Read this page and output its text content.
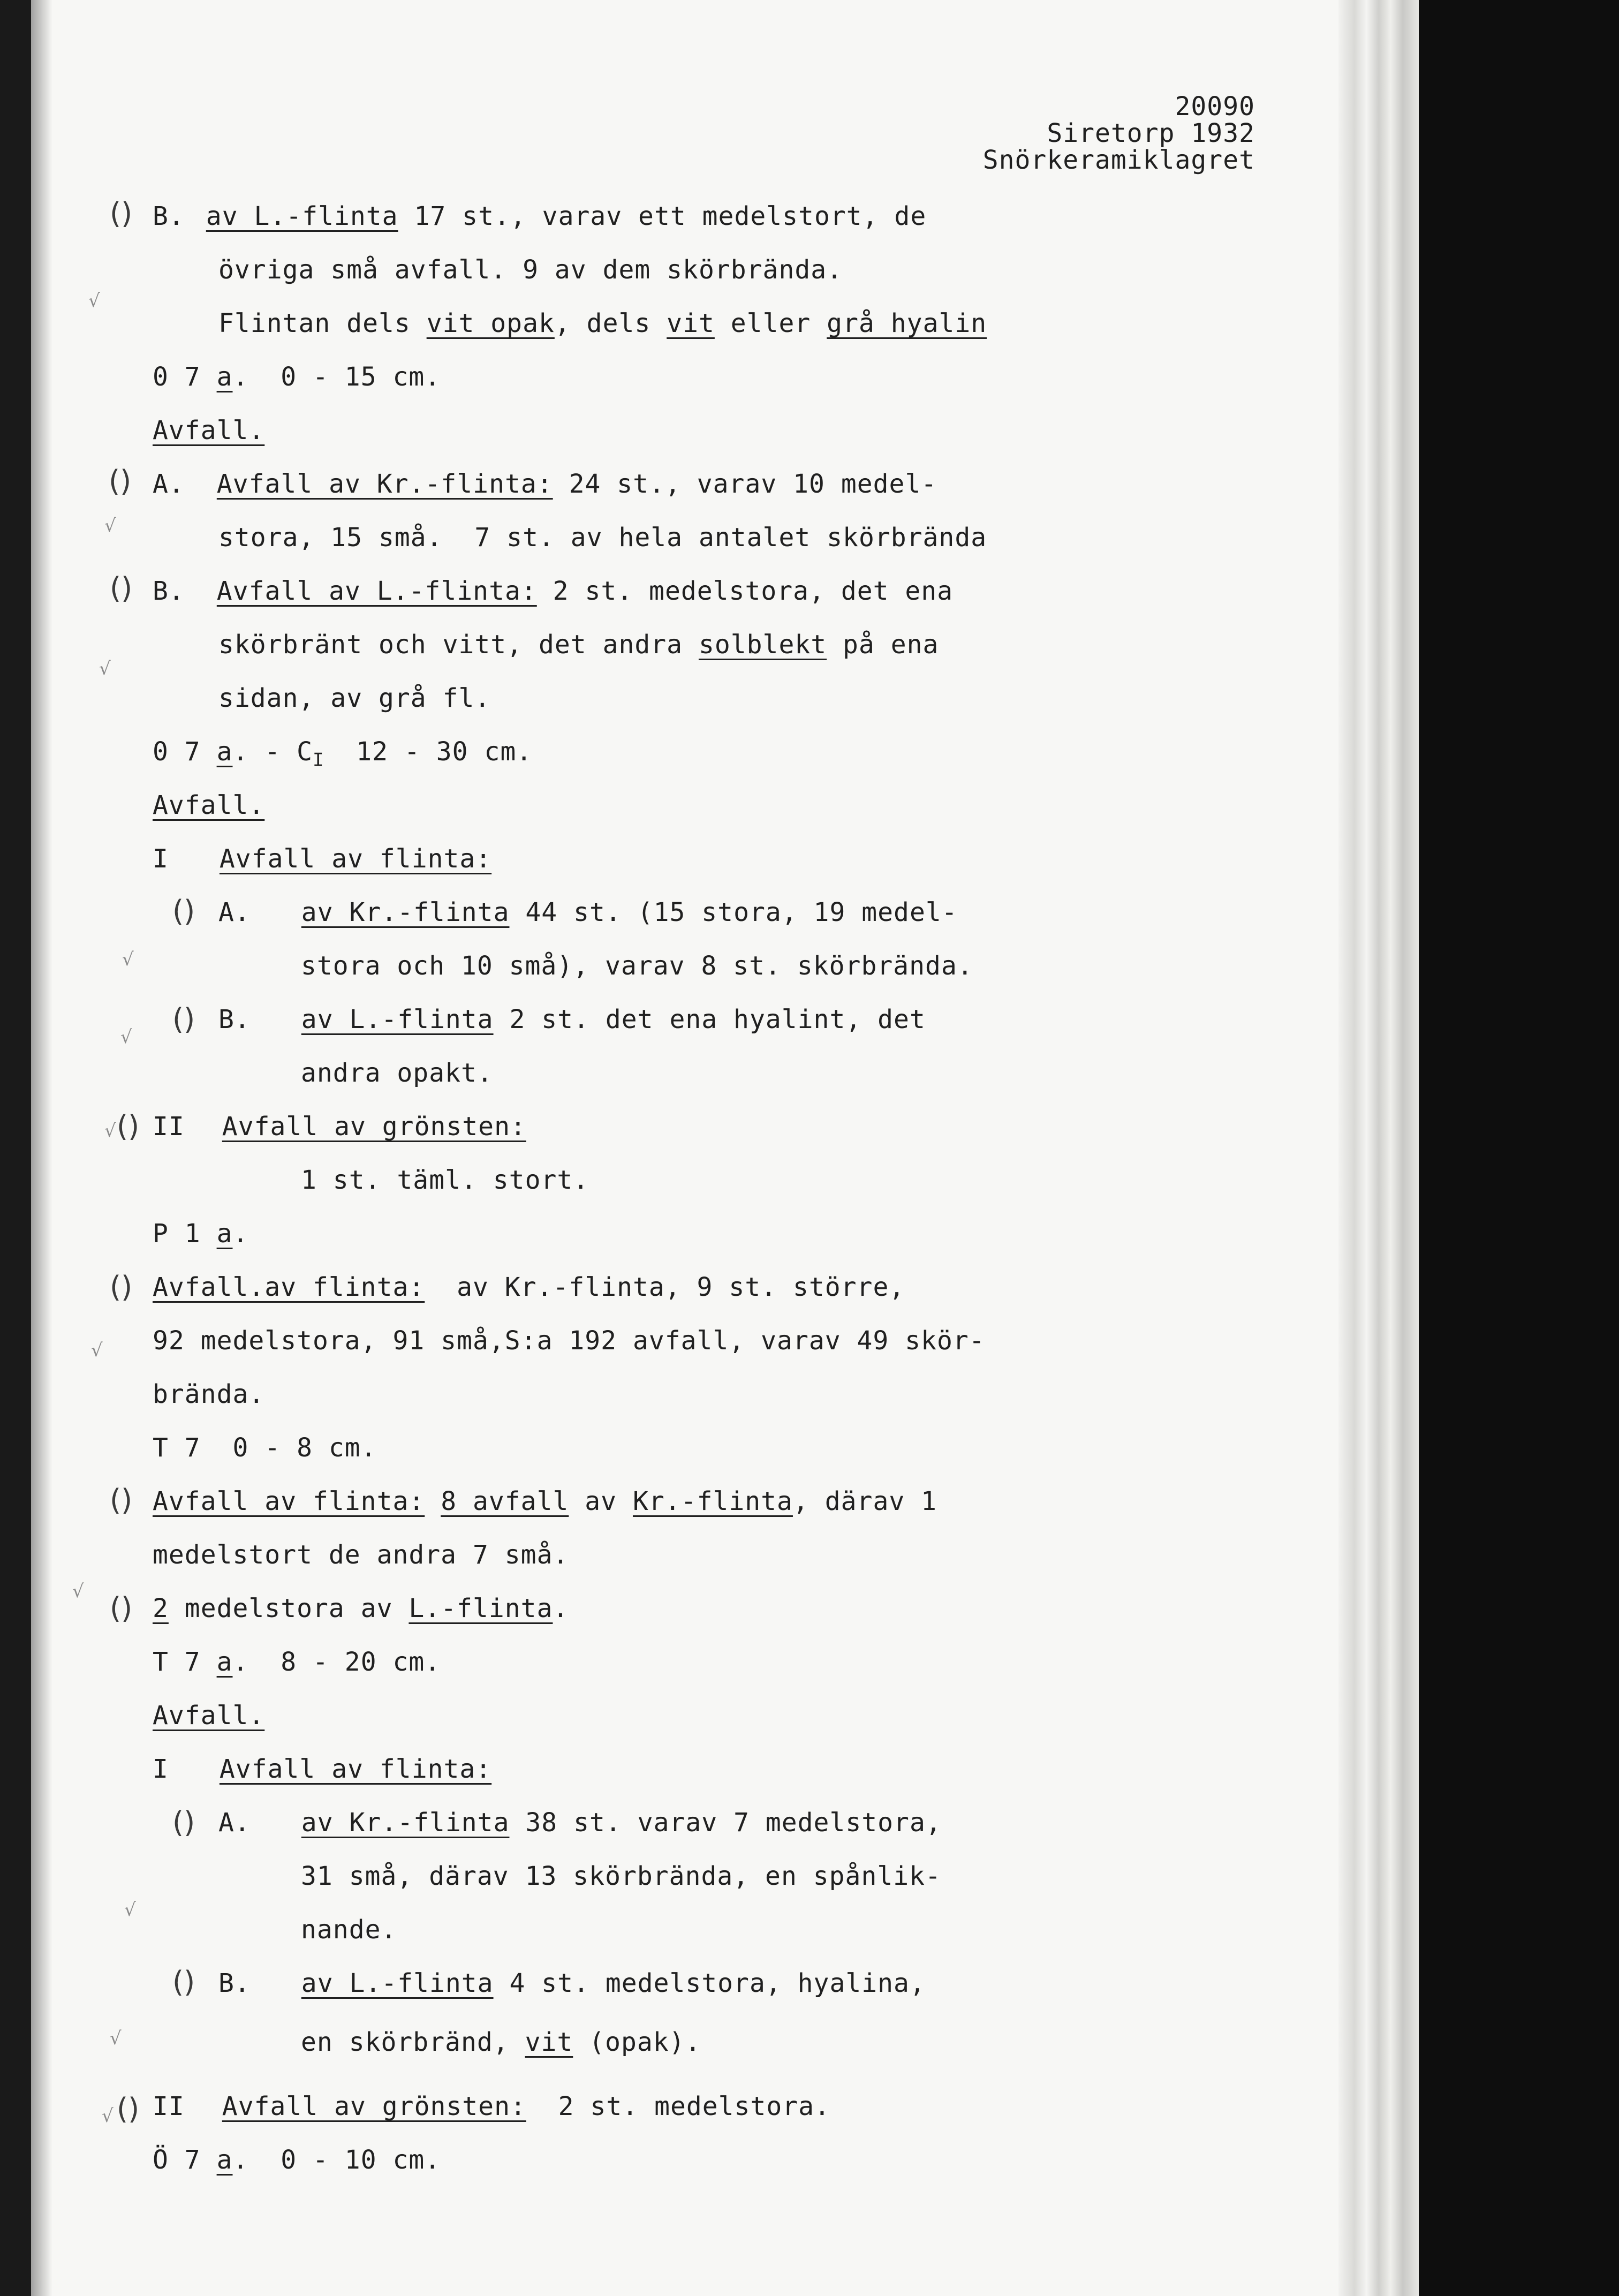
20090
Siretorp 1932
Snörkeramiklagret
()
√
()
√
()
√
()
√
()
√
()
√
()
√
()
√ ()
()
√
()
√
()
√
B. av L.-flinta 17 st., varav ett medelstort, de
övriga små avfall. 9 av dem skörbrända.
Flintan dels vit opak, dels vit eller grå hyalin
0 7 a.  0 - 15 cm.
Avfall.
A. Avfall av Kr.-flinta: 24 st., varav 10 medel-
stora, 15 små.  7 st. av hela antalet skörbrända
B. Avfall av L.-flinta: 2 st. medelstora, det ena
skörbränt och vitt, det andra solblekt på ena
sidan, av grå fl.
0 7 a. - $C_I$  12 - 30 cm.
Avfall.
I Avfall av flinta:
A. av Kr.-flinta 44 st. (15 stora, 19 medel-
stora och 10 små), varav 8 st. skörbrända.
B. av L.-flinta 2 st. det ena hyalint, det
andra opakt.
II Avfall av grönsten:
1 st. täml. stort.
P 1 a.
Avfall.av flinta:  av Kr.-flinta, 9 st. större,
92 medelstora, 91 små,S:a 192 avfall, varav 49 skör-
brända.
T 7  0 - 8 cm.
Avfall av flinta: 8 avfall av Kr.-flinta, därav 1
medelstort de andra 7 små.
2 medelstora av L.-flinta.
T 7 a.  8 - 20 cm.
Avfall.
I Avfall av flinta:
A. av Kr.-flinta 38 st. varav 7 medelstora,
31 små, därav 13 skörbrända, en spånlik-
nande.
B. av L.-flinta 4 st. medelstora, hyalina,
en skörbränd, vit (opak).
II Avfall av grönsten:  2 st. medelstora.
Ö 7 a.  0 - 10 cm.
